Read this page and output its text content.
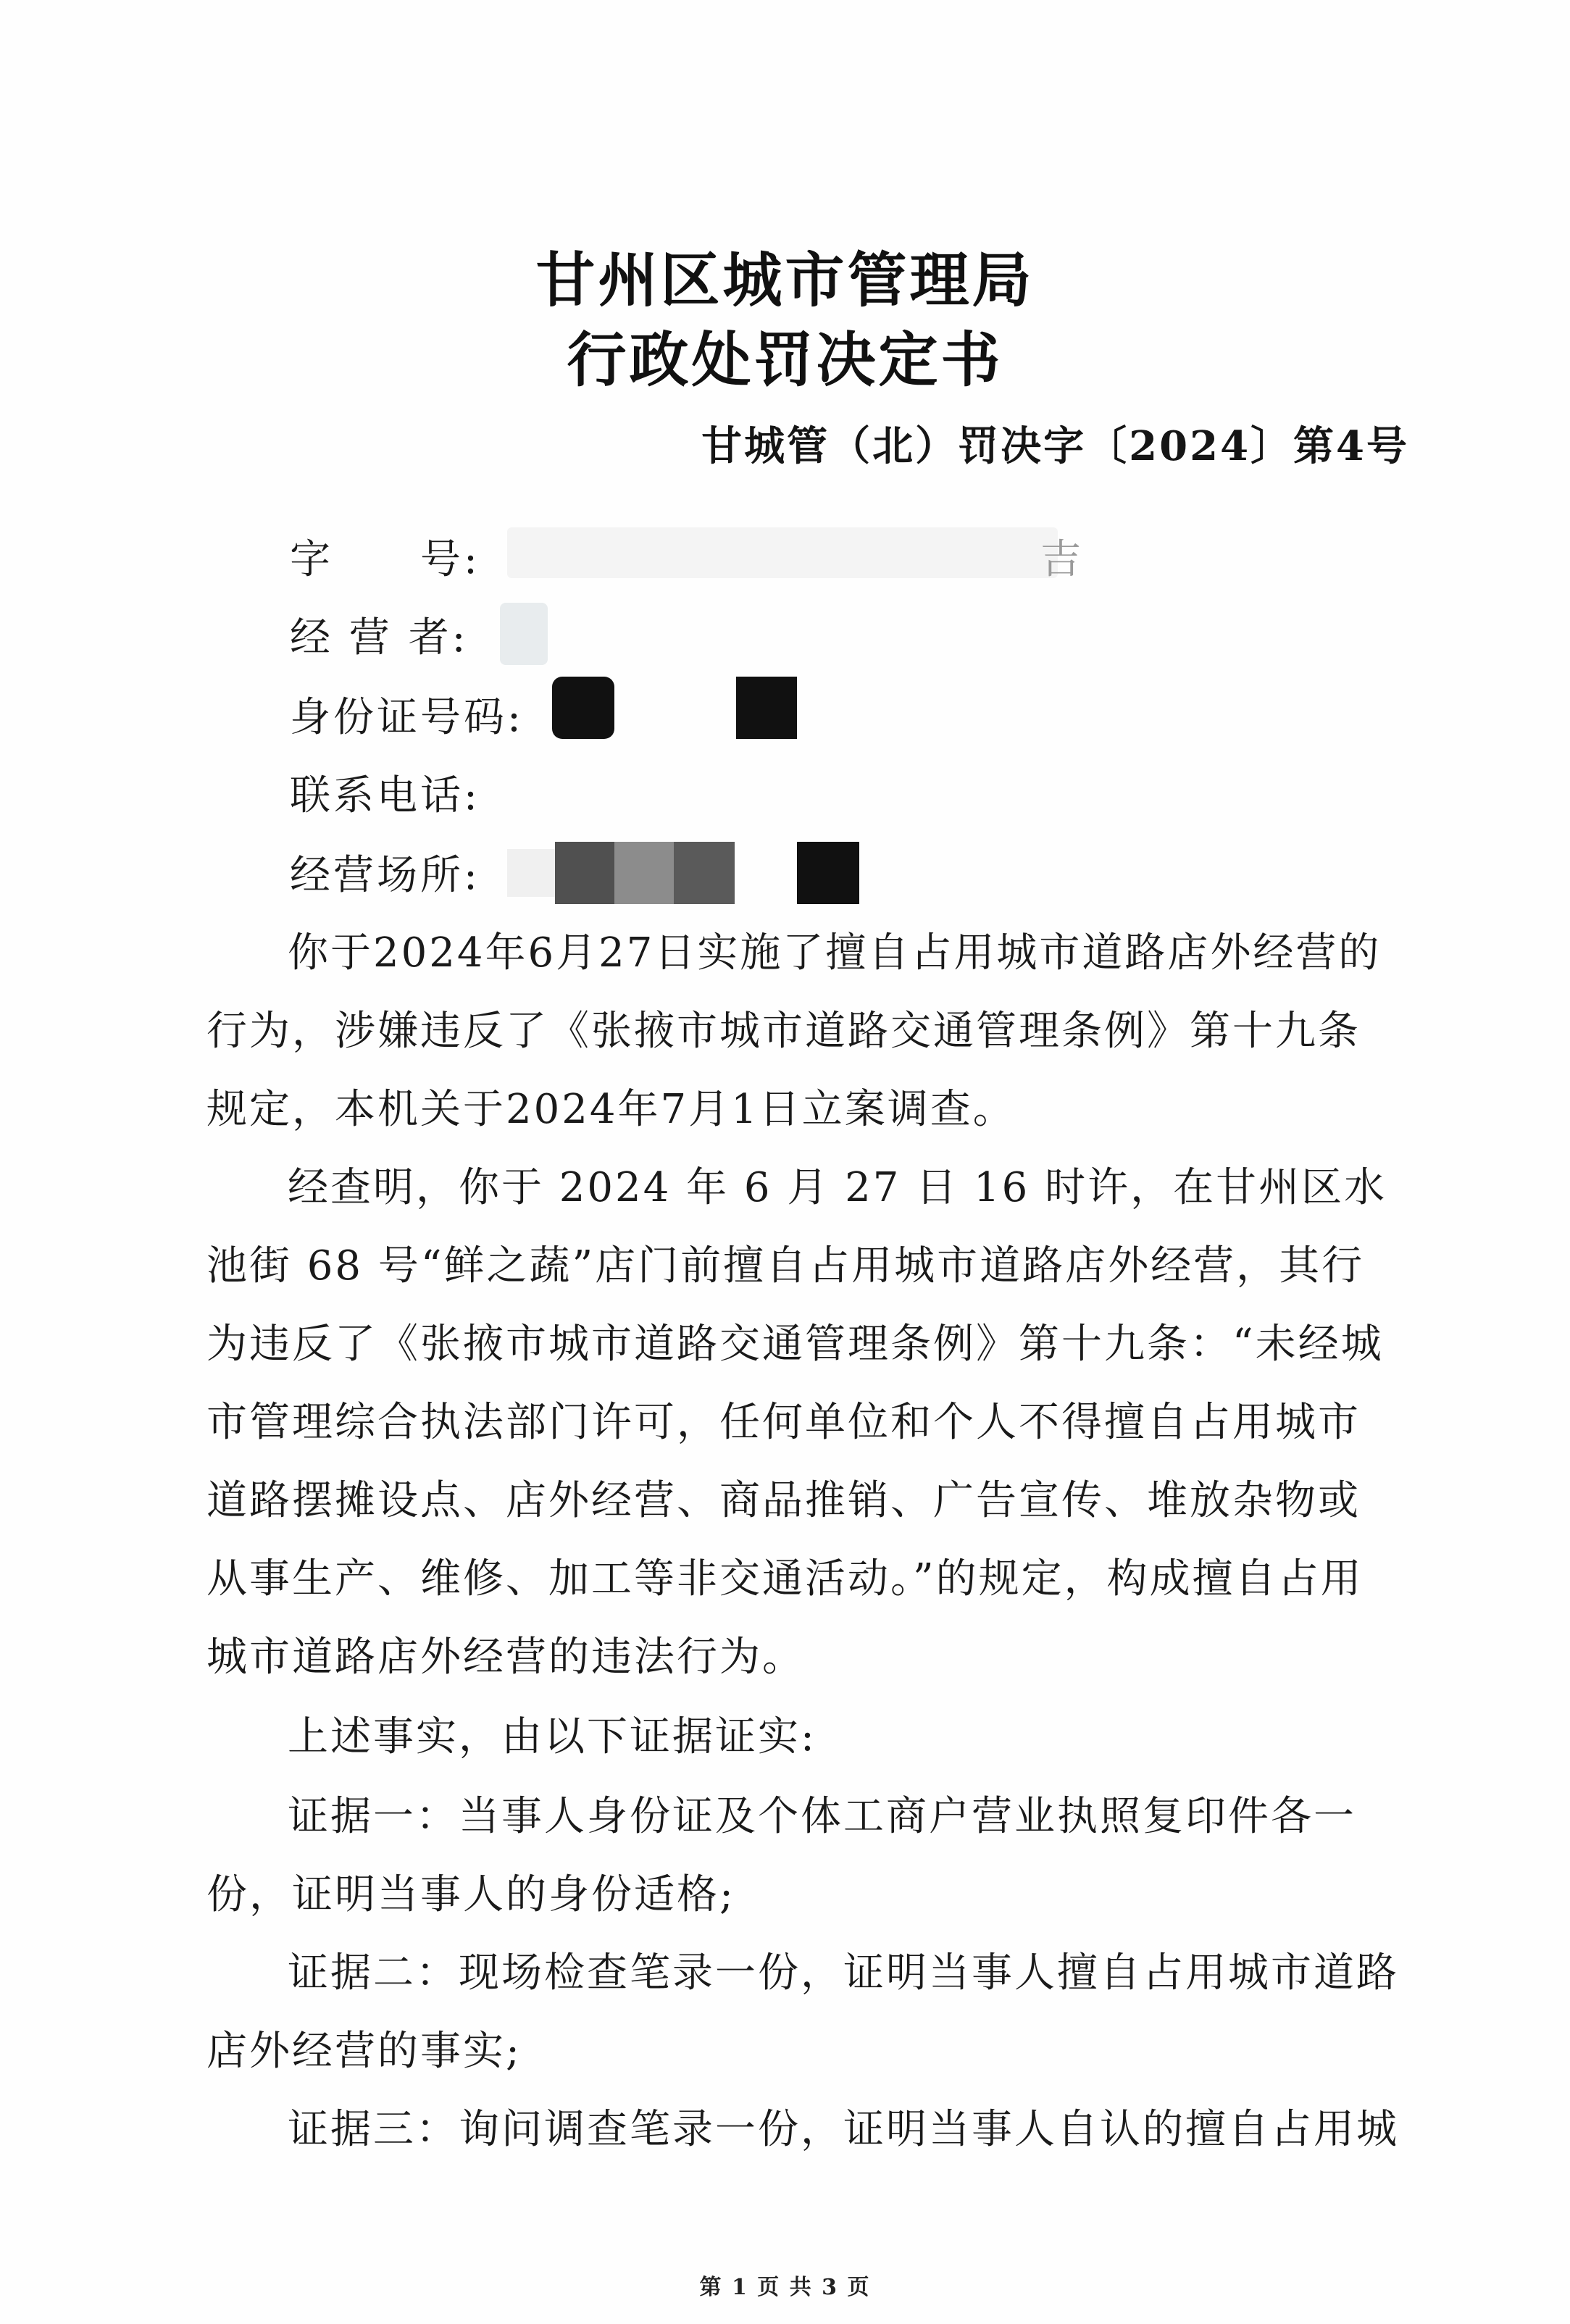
甘州区城市管理局
行政处罚决定书
甘城管（北）罚决字〔2024〕第4号
字　　号:
经 营 者:
身份证号码:
联系电话:
经营场所:
吉
你于2024年6月27日实施了擅自占用城市道路店外经营的行为，涉嫌违反了《张掖市城市道路交通管理条例》第十九条规定，本机关于2024年7月1日立案调查。
经查明，你于 2024 年 6 月 27 日 16 时许，在甘州区水池街 68 号“鲜之蔬”店门前擅自占用城市道路店外经营，其行为违反了《张掖市城市道路交通管理条例》第十九条：“未经城市管理综合执法部门许可，任何单位和个人不得擅自占用城市道路摆摊设点、店外经营、商品推销、广告宣传、堆放杂物或从事生产、维修、加工等非交通活动。”的规定，构成擅自占用城市道路店外经营的违法行为。
上述事实，由以下证据证实:
证据一：当事人身份证及个体工商户营业执照复印件各一份，证明当事人的身份适格;
证据二：现场检查笔录一份，证明当事人擅自占用城市道路店外经营的事实;
证据三：询问调查笔录一份，证明当事人自认的擅自占用城
第 1 页 共 3 页
